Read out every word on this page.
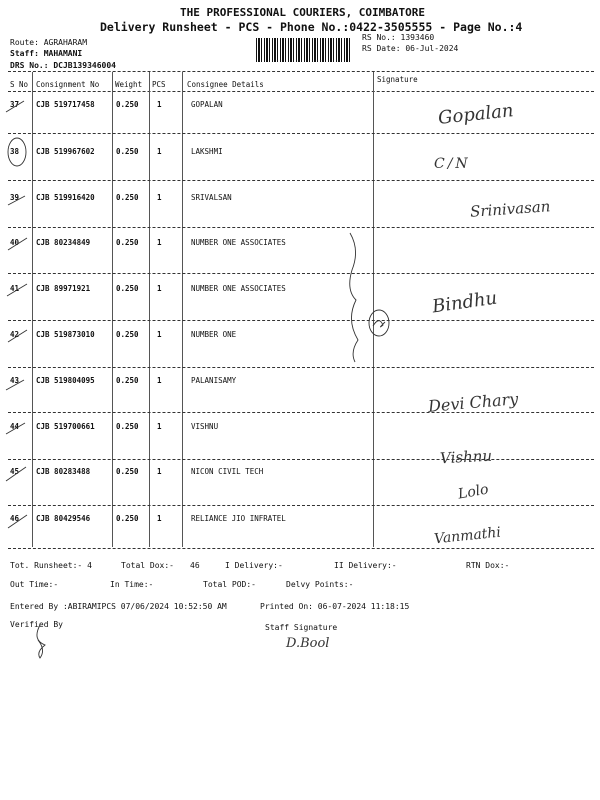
THE PROFESSIONAL COURIERS, COIMBATORE
Delivery Runsheet - PCS - Phone No.:0422-3505555 - Page No.:4
Route: AGRAHARAM
Staff: MAHAMANI
DRS No.: DCJB139346004
RS No.: 1393460
RS Date: 06-Jul-2024
S No Consignment No Weight PCS	Consignee Details
Signature
37 CJB 519717458	0.250 1	GOPALAN	Gopalan
38 CJB 519967602	0.250 1	LAKSHMI
C/N
39 CJB 519916420	0.250 1	SRIVALSAN	Srinivasan
40 CJB 80234849	0.250 1	NUMBER ONE ASSOCIATES
41 CJB 89971921	0.250 1	NUMBER ONE ASSOCIATES	Bindhu
42 CJB 519873010	0.250 1	NUMBER ONE
43 CJB 519804095	0.250 1	PALANISAMY
Devi Chary
44 CJB 519700661	0.250 1	VISHNU
Vishnu
45 CJB 80283488	0.250 1	NICON CIVIL TECH
Lolo
46 CJB 80429546	0.250 1	RELIANCE JIO INFRATEL
Vanmathi
Tot. Runsheet:- 4	Total Dox:- 46	I Delivery:-	II Delivery:-	RTN Dox:-
Out Time:-	In Time:-	Total POD:-	Delvy Points:-
Entered By :ABIRAMIPCS 07/06/2024 10:52:50 AM	Printed On: 06-07-2024 11:18:15
Verified By	Staff Signature
D.Bool
